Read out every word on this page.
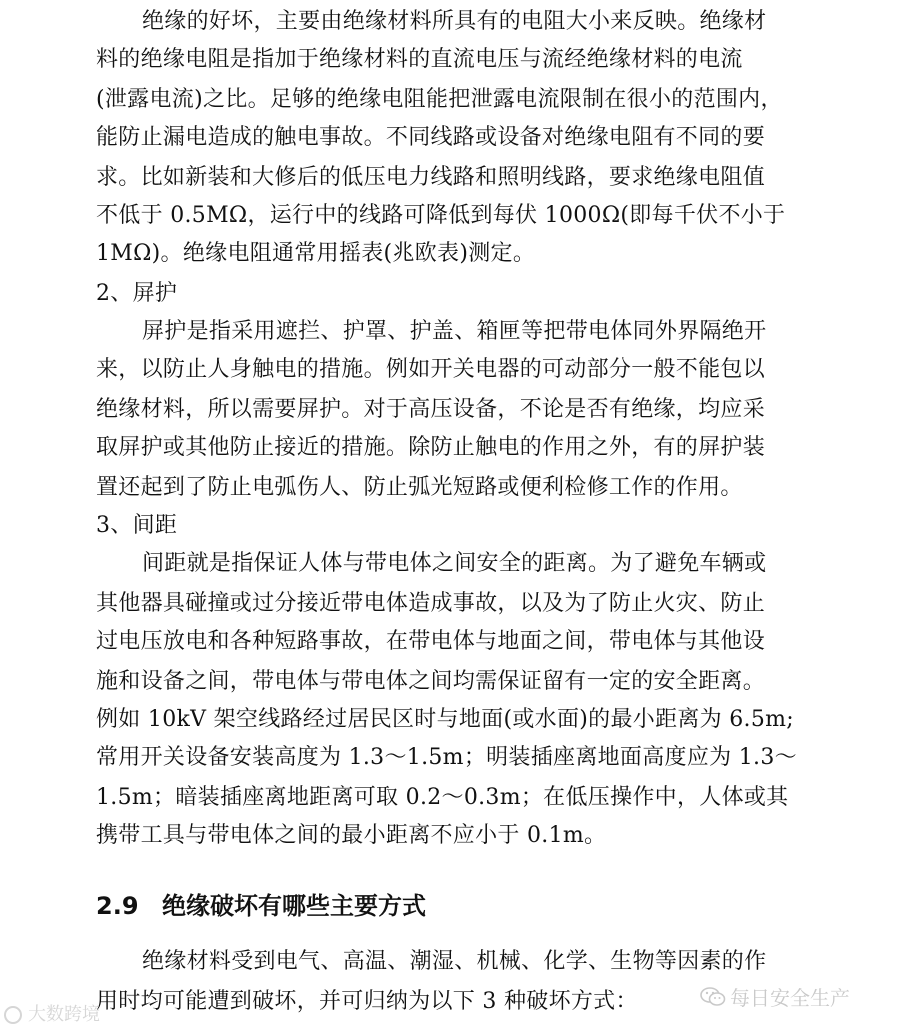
绝缘的好坏，主要由绝缘材料所具有的电阻大小来反映。绝缘材
料的绝缘电阻是指加于绝缘材料的直流电压与流经绝缘材料的电流
(泄露电流)之比。足够的绝缘电阻能把泄露电流限制在很小的范围内，
能防止漏电造成的触电事故。不同线路或设备对绝缘电阻有不同的要
求。比如新装和大修后的低压电力线路和照明线路，要求绝缘电阻值
不低于 0.5MΩ，运行中的线路可降低到每伏 1000Ω(即每千伏不小于
1MΩ)。绝缘电阻通常用摇表(兆欧表)测定。
2、屏护
屏护是指采用遮拦、护罩、护盖、箱匣等把带电体同外界隔绝开
来，以防止人身触电的措施。例如开关电器的可动部分一般不能包以
绝缘材料，所以需要屏护。对于高压设备，不论是否有绝缘，均应采
取屏护或其他防止接近的措施。除防止触电的作用之外，有的屏护装
置还起到了防止电弧伤人、防止弧光短路或便利检修工作的作用。
3、间距
间距就是指保证人体与带电体之间安全的距离。为了避免车辆或
其他器具碰撞或过分接近带电体造成事故，以及为了防止火灾、防止
过电压放电和各种短路事故，在带电体与地面之间，带电体与其他设
施和设备之间，带电体与带电体之间均需保证留有一定的安全距离。
例如 10kV 架空线路经过居民区时与地面(或水面)的最小距离为 6.5m;
常用开关设备安装高度为 1.3～1.5m；明装插座离地面高度应为 1.3～
1.5m；暗装插座离地距离可取 0.2～0.3m；在低压操作中，人体或其
携带工具与带电体之间的最小距离不应小于 0.1m。
2.9 绝缘破坏有哪些主要方式
绝缘材料受到电气、高温、潮湿、机械、化学、生物等因素的作
用时均可能遭到破坏，并可归纳为以下 3 种破坏方式：
大数跨境
每日安全生产
